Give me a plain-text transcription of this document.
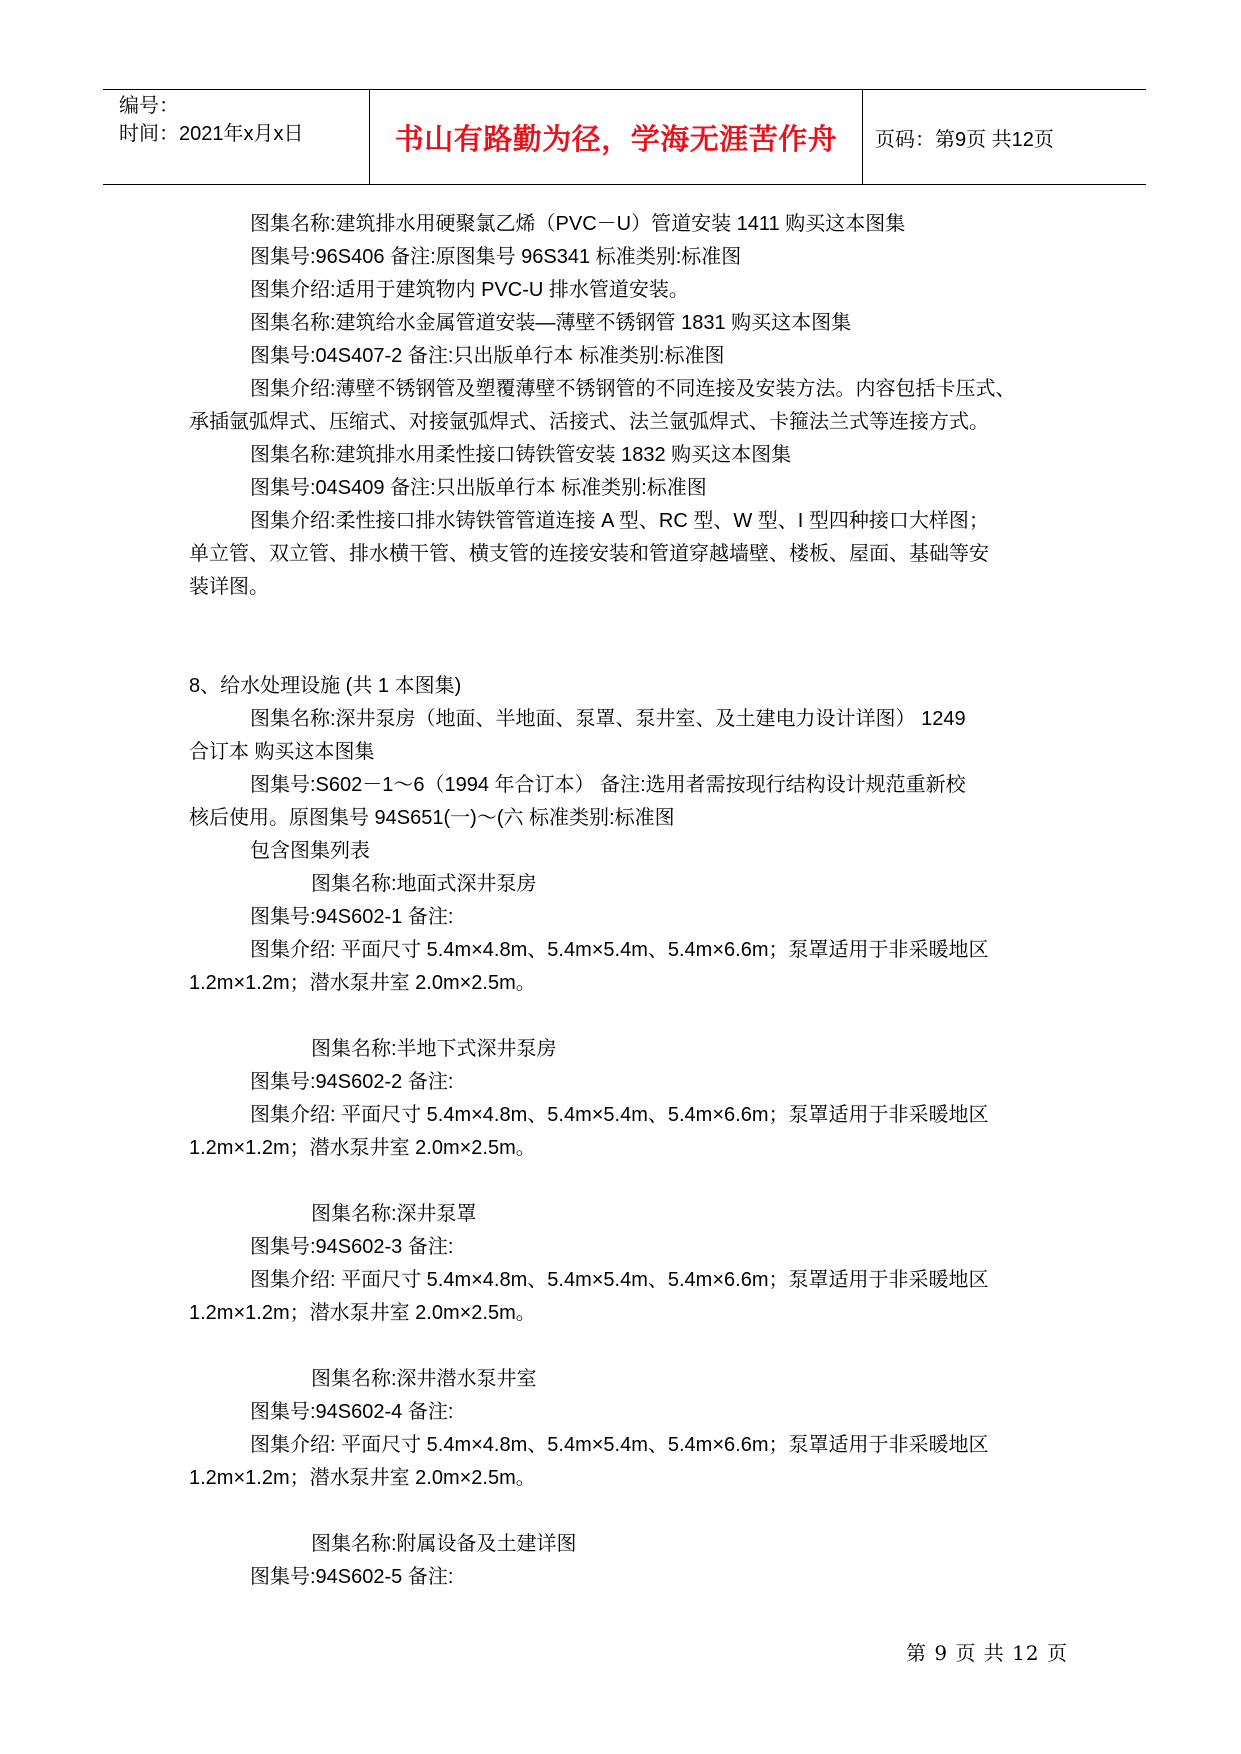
编号：
时间：2021年x月x日	书山有路勤为径，学海无涯苦作舟	页码：第9页 共12页
图集名称:建筑排水用硬聚氯乙烯（PVC－U）管道安装 1411 购买这本图集
图集号:96S406 备注:原图集号 96S341 标准类别:标准图
图集介绍:适用于建筑物内 PVC-U 排水管道安装。
图集名称:建筑给水金属管道安装—薄壁不锈钢管 1831 购买这本图集
图集号:04S407-2 备注:只出版单行本 标准类别:标准图
图集介绍:薄壁不锈钢管及塑覆薄壁不锈钢管的不同连接及安装方法。内容包括卡压式、
承插氩弧焊式、压缩式、对接氩弧焊式、活接式、法兰氩弧焊式、卡箍法兰式等连接方式。
图集名称:建筑排水用柔性接口铸铁管安装 1832 购买这本图集
图集号:04S409 备注:只出版单行本 标准类别:标准图
图集介绍:柔性接口排水铸铁管管道连接 A 型、RC 型、W 型、I 型四种接口大样图；
单立管、双立管、排水横干管、横支管的连接安装和管道穿越墙壁、楼板、屋面、基础等安
装详图。
8、给水处理设施 (共 1 本图集)
图集名称:深井泵房（地面、半地面、泵罩、泵井室、及土建电力设计详图） 1249
合订本 购买这本图集
图集号:S602－1～6（1994 年合订本） 备注:选用者需按现行结构设计规范重新校
核后使用。原图集号 94S651(一)～(六 标准类别:标准图
包含图集列表
图集名称:地面式深井泵房
图集号:94S602-1 备注:
图集介绍: 平面尺寸 5.4m×4.8m、5.4m×5.4m、5.4m×6.6m；泵罩适用于非采暖地区
1.2m×1.2m；潜水泵井室 2.0m×2.5m。
图集名称:半地下式深井泵房
图集号:94S602-2 备注:
图集介绍: 平面尺寸 5.4m×4.8m、5.4m×5.4m、5.4m×6.6m；泵罩适用于非采暖地区
1.2m×1.2m；潜水泵井室 2.0m×2.5m。
图集名称:深井泵罩
图集号:94S602-3 备注:
图集介绍: 平面尺寸 5.4m×4.8m、5.4m×5.4m、5.4m×6.6m；泵罩适用于非采暖地区
1.2m×1.2m；潜水泵井室 2.0m×2.5m。
图集名称:深井潜水泵井室
图集号:94S602-4 备注:
图集介绍: 平面尺寸 5.4m×4.8m、5.4m×5.4m、5.4m×6.6m；泵罩适用于非采暖地区
1.2m×1.2m；潜水泵井室 2.0m×2.5m。
图集名称:附属设备及土建详图
图集号:94S602-5 备注:
第 9 页 共 12 页
